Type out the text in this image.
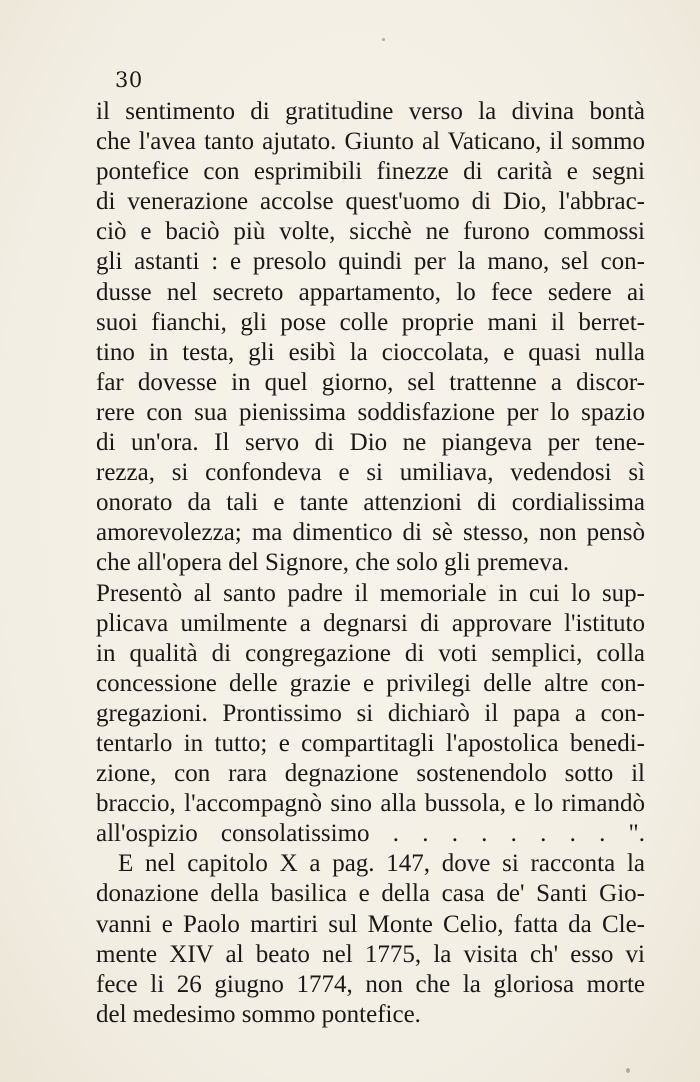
30
il sentimento di gratitudine verso la divina bontà
che l'avea tanto ajutato. Giunto al Vaticano, il sommo
pontefice con esprimibili finezze di carità e segni
di venerazione accolse quest'uomo di Dio, l'abbrac-
ciò e baciò più volte, sicchè ne furono commossi
gli astanti : e presolo quindi per la mano, sel con-
dusse nel secreto appartamento, lo fece sedere ai
suoi fianchi, gli pose colle proprie mani il berret-
tino in testa, gli esibì la cioccolata, e quasi nulla
far dovesse in quel giorno, sel trattenne a discor-
rere con sua pienissima soddisfazione per lo spazio
di un'ora. Il servo di Dio ne piangeva per tene-
rezza, si confondeva e si umiliava, vedendosi sì
onorato da tali e tante attenzioni di cordialissima
amorevolezza; ma dimentico di sè stesso, non pensò
che all'opera del Signore, che solo gli premeva.
Presentò al santo padre il memoriale in cui lo sup-
plicava umilmente a degnarsi di approvare l'istituto
in qualità di congregazione di voti semplici, colla
concessione delle grazie e privilegi delle altre con-
gregazioni. Prontissimo si dichiarò il papa a con-
tentarlo in tutto; e compartitagli l'apostolica benedi-
zione, con rara degnazione sostenendolo sotto il
braccio, l'accompagnò sino alla bussola, e lo rimandò
all'ospizio consolatissimo . . . . . . . . ".
E nel capitolo X a pag. 147, dove si racconta la
donazione della basilica e della casa de' Santi Gio-
vanni e Paolo martiri sul Monte Celio, fatta da Cle-
mente XIV al beato nel 1775, la visita ch' esso vi
fece li 26 giugno 1774, non che la gloriosa morte
del medesimo sommo pontefice.
